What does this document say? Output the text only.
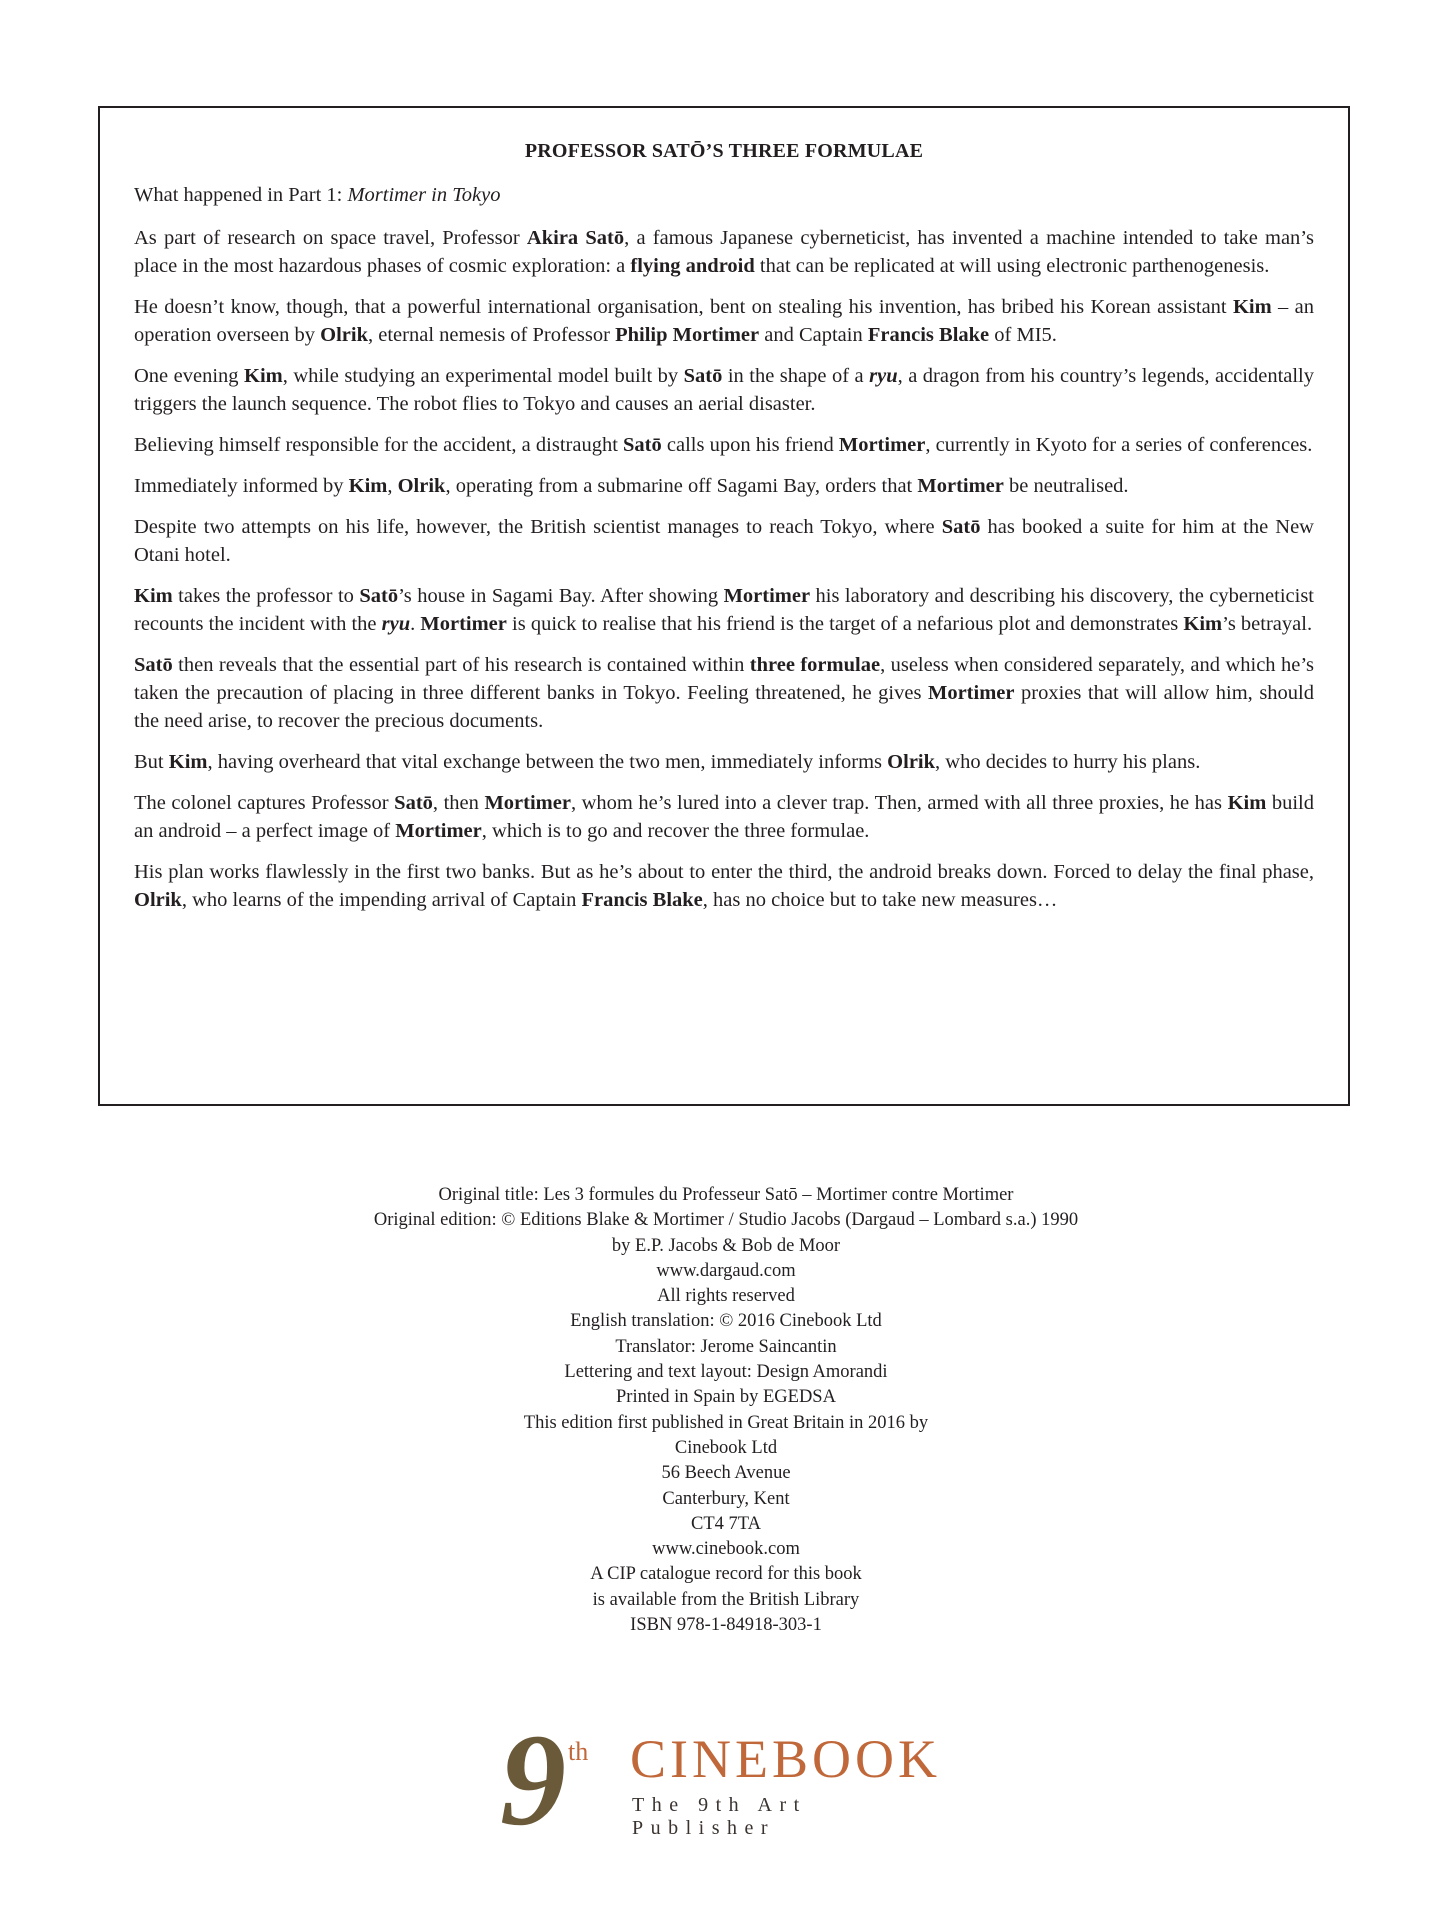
PROFESSOR SATŌ’S THREE FORMULAE

What happened in Part 1: Mortimer in Tokyo

As part of research on space travel, Professor Akira Satō, a famous Japanese cyberneticist, has invented a machine intended to take man’s place in the most hazardous phases of cosmic exploration: a flying android that can be replicated at will using electronic parthenogenesis.

He doesn’t know, though, that a powerful international organisation, bent on stealing his invention, has bribed his Korean assistant Kim – an operation overseen by Olrik, eternal nemesis of Professor Philip Mortimer and Captain Francis Blake of MI5.

One evening Kim, while studying an experimental model built by Satō in the shape of a ryu, a dragon from his country’s legends, accidentally triggers the launch sequence. The robot flies to Tokyo and causes an aerial disaster.

Believing himself responsible for the accident, a distraught Satō calls upon his friend Mortimer, currently in Kyoto for a series of conferences.

Immediately informed by Kim, Olrik, operating from a submarine off Sagami Bay, orders that Mortimer be neutralised.

Despite two attempts on his life, however, the British scientist manages to reach Tokyo, where Satō has booked a suite for him at the New Otani hotel.

Kim takes the professor to Satō’s house in Sagami Bay. After showing Mortimer his laboratory and describing his discovery, the cyberneticist recounts the incident with the ryu. Mortimer is quick to realise that his friend is the target of a nefarious plot and demonstrates Kim’s betrayal.

Satō then reveals that the essential part of his research is contained within three formulae, useless when considered separately, and which he’s taken the precaution of placing in three different banks in Tokyo. Feeling threatened, he gives Mortimer proxies that will allow him, should the need arise, to recover the precious documents.

But Kim, having overheard that vital exchange between the two men, immediately informs Olrik, who decides to hurry his plans.

The colonel captures Professor Satō, then Mortimer, whom he’s lured into a clever trap. Then, armed with all three proxies, he has Kim build an android – a perfect image of Mortimer, which is to go and recover the three formulae.

His plan works flawlessly in the first two banks. But as he’s about to enter the third, the android breaks down. Forced to delay the final phase, Olrik, who learns of the impending arrival of Captain Francis Blake, has no choice but to take new measures…

Original title: Les 3 formules du Professeur Satō – Mortimer contre Mortimer
Original edition: © Editions Blake & Mortimer / Studio Jacobs (Dargaud – Lombard s.a.) 1990
by E.P. Jacobs & Bob de Moor
www.dargaud.com
All rights reserved
English translation: © 2016 Cinebook Ltd
Translator: Jerome Saincantin
Lettering and text layout: Design Amorandi
Printed in Spain by EGEDSA
This edition first published in Great Britain in 2016 by
Cinebook Ltd
56 Beech Avenue
Canterbury, Kent
CT4 7TA
www.cinebook.com
A CIP catalogue record for this book
is available from the British Library
ISBN 978-1-84918-303-1
9 th CINEBOOK
The 9th Art Publisher
